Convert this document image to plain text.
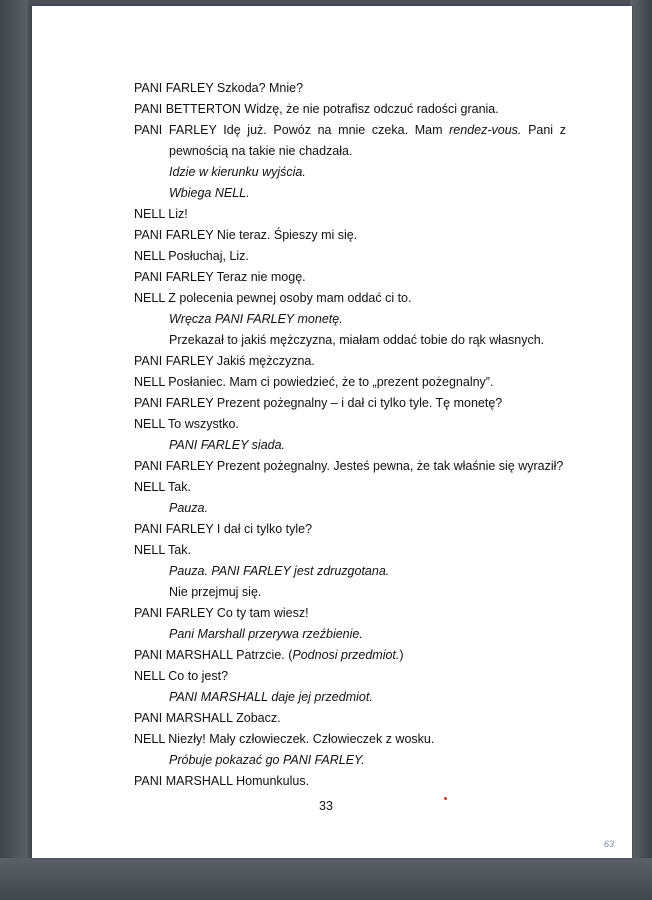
PANI FARLEY Szkoda? Mnie?
PANI BETTERTON Widzę, że nie potrafisz odczuć radości grania.
PANI FARLEY Idę już. Powóz na mnie czeka. Mam rendez-vous. Pani z pewnością na takie nie chadzała.
Idzie w kierunku wyjścia.
Wbiega NELL.
NELL Liz!
PANI FARLEY Nie teraz. Śpieszy mi się.
NELL Posłuchaj, Liz.
PANI FARLEY Teraz nie mogę.
NELL Z polecenia pewnej osoby mam oddać ci to.
Wręcza PANI FARLEY monetę.
Przekazał to jakiś mężczyzna, miałam oddać tobie do rąk własnych.
PANI FARLEY Jakiś mężczyzna.
NELL Posłaniec. Mam ci powiedzieć, że to „prezent pożegnalny”.
PANI FARLEY Prezent pożegnalny – i dał ci tylko tyle. Tę monetę?
NELL To wszystko.
PANI FARLEY siada.
PANI FARLEY Prezent pożegnalny. Jesteś pewna, że tak właśnie się wyraził?
NELL Tak.
Pauza.
PANI FARLEY I dał ci tylko tyle?
NELL Tak.
Pauza. PANI FARLEY jest zdruzgotana.
Nie przejmuj się.
PANI FARLEY Co ty tam wiesz!
Pani Marshall przerywa rzeźbienie.
PANI MARSHALL Patrzcie. (Podnosi przedmiot.)
NELL Co to jest?
PANI MARSHALL daje jej przedmiot.
PANI MARSHALL Zobacz.
NELL Niezły! Mały człowieczek. Człowieczek z wosku.
Próbuje pokazać go PANI FARLEY.
PANI MARSHALL Homunkulus.
33
63
